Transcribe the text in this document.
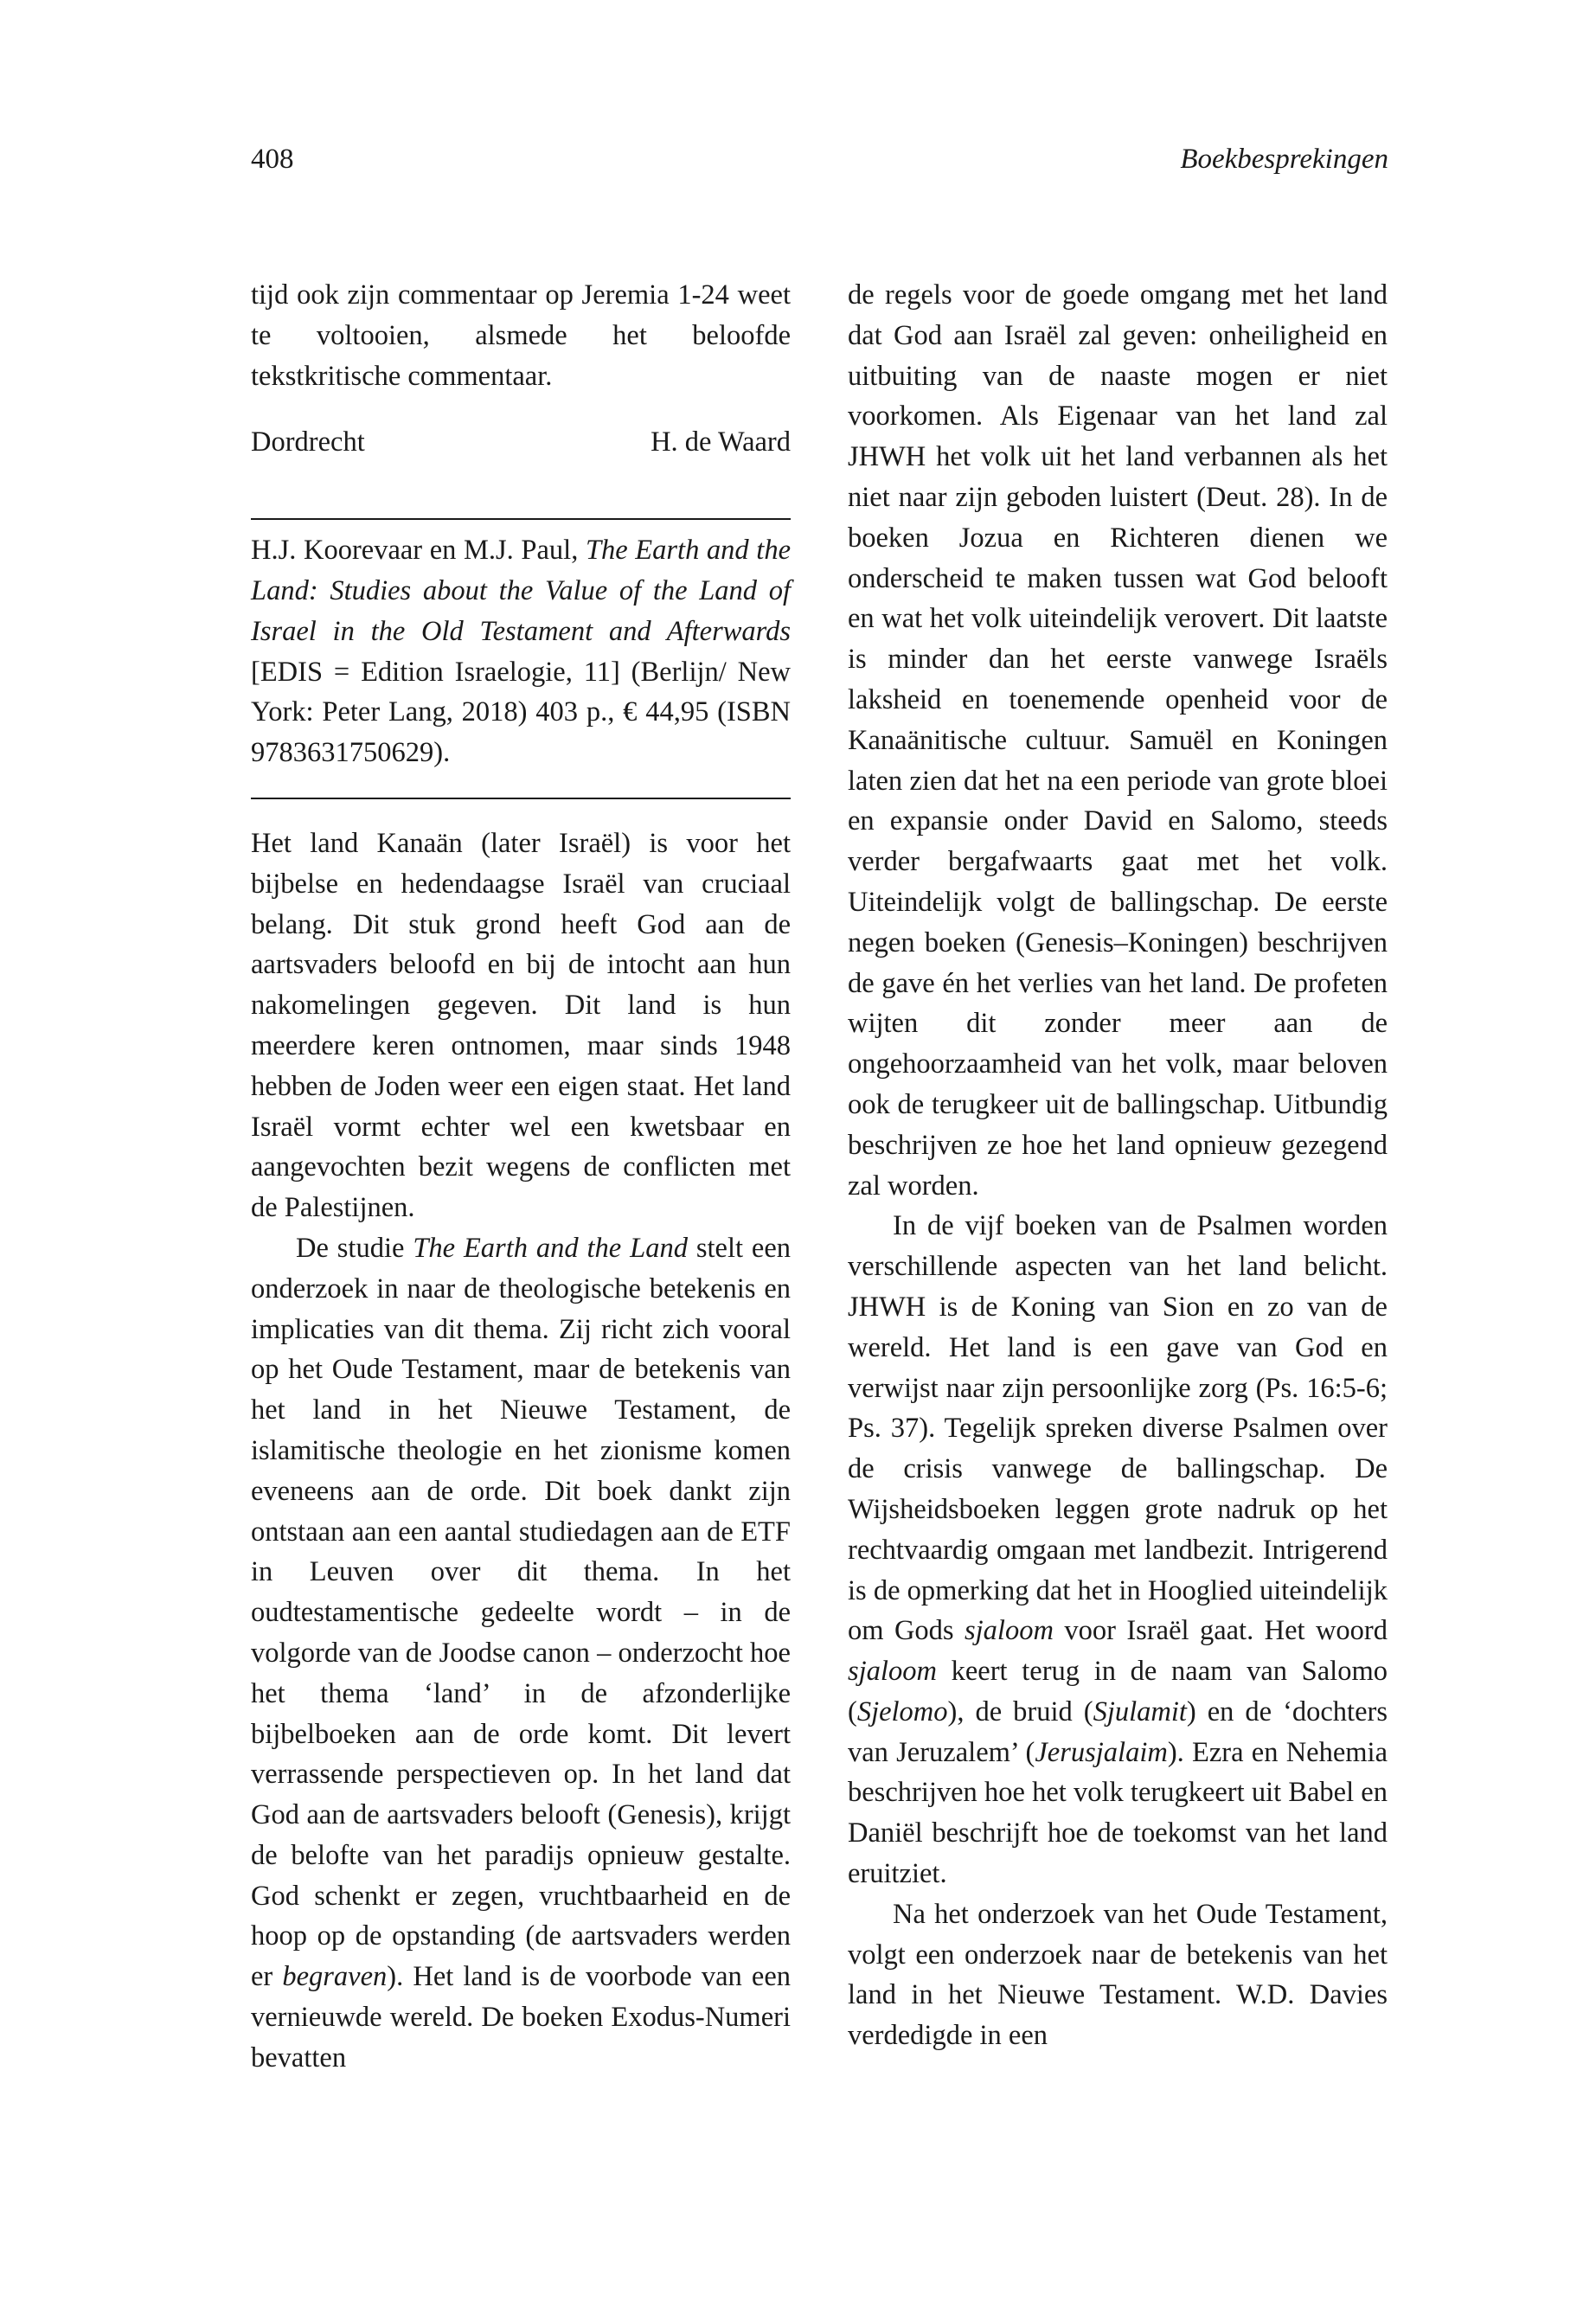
408	Boekbesprekingen

tijd ook zijn commentaar op Jeremia 1-24 weet te voltooien, alsmede het beloofde tekstkritische commentaar.

Dordrecht	H. de Waard

H.J. Koorevaar en M.J. Paul, The Earth and the Land: Studies about the Value of the Land of Israel in the Old Testament and Afterwards [EDIS = Edition Israelogie, 11] (Berlijn/ New York: Peter Lang, 2018) 403 p., € 44,95 (ISBN 9783631750629).

Het land Kanaän (later Israël) is voor het bijbelse en hedendaagse Israël van cruciaal belang. Dit stuk grond heeft God aan de aartsvaders beloofd en bij de intocht aan hun nakomelingen gegeven. Dit land is hun meerdere keren ontnomen, maar sinds 1948 hebben de Joden weer een eigen staat. Het land Israël vormt echter wel een kwetsbaar en aangevochten bezit wegens de conflicten met de Palestijnen.

De studie The Earth and the Land stelt een onderzoek in naar de theologische betekenis en implicaties van dit thema. Zij richt zich vooral op het Oude Testament, maar de betekenis van het land in het Nieuwe Testament, de islamitische theologie en het zionisme komen eveneens aan de orde. Dit boek dankt zijn ontstaan aan een aantal studiedagen aan de ETF in Leuven over dit thema. In het oudtestamentische gedeelte wordt – in de volgorde van de Joodse canon – onderzocht hoe het thema ‘land’ in de afzonderlijke bijbelboeken aan de orde komt. Dit levert verrassende perspectieven op. In het land dat God aan de aartsvaders belooft (Genesis), krijgt de belofte van het paradijs opnieuw gestalte. God schenkt er zegen, vruchtbaarheid en de hoop op de opstanding (de aartsvaders werden er begraven). Het land is de voorbode van een vernieuwde wereld. De boeken Exodus-Numeri bevatten

de regels voor de goede omgang met het land dat God aan Israël zal geven: onheiligheid en uitbuiting van de naaste mogen er niet voorkomen. Als Eigenaar van het land zal JHWH het volk uit het land verbannen als het niet naar zijn geboden luistert (Deut. 28). In de boeken Jozua en Richteren dienen we onderscheid te maken tussen wat God belooft en wat het volk uiteindelijk verovert. Dit laatste is minder dan het eerste vanwege Israëls laksheid en toenemende openheid voor de Kanaänitische cultuur. Samuël en Koningen laten zien dat het na een periode van grote bloei en expansie onder David en Salomo, steeds verder bergafwaarts gaat met het volk. Uiteindelijk volgt de ballingschap. De eerste negen boeken (Genesis–Koningen) beschrijven de gave én het verlies van het land. De profeten wijten dit zonder meer aan de ongehoorzaamheid van het volk, maar beloven ook de terugkeer uit de ballingschap. Uitbundig beschrijven ze hoe het land opnieuw gezegend zal worden.

In de vijf boeken van de Psalmen worden verschillende aspecten van het land belicht. JHWH is de Koning van Sion en zo van de wereld. Het land is een gave van God en verwijst naar zijn persoonlijke zorg (Ps. 16:5-6; Ps. 37). Tegelijk spreken diverse Psalmen over de crisis vanwege de ballingschap. De Wijsheidsboeken leggen grote nadruk op het rechtvaardig omgaan met landbezit. Intrigerend is de opmerking dat het in Hooglied uiteindelijk om Gods sjaloom voor Israël gaat. Het woord sjaloom keert terug in de naam van Salomo (Sjelomo), de bruid (Sjulamit) en de ‘dochters van Jeruzalem’ (Jerusjalaim). Ezra en Nehemia beschrijven hoe het volk terugkeert uit Babel en Daniël beschrijft hoe de toekomst van het land eruitziet.

Na het onderzoek van het Oude Testament, volgt een onderzoek naar de betekenis van het land in het Nieuwe Testament. W.D. Davies verdedigde in een
